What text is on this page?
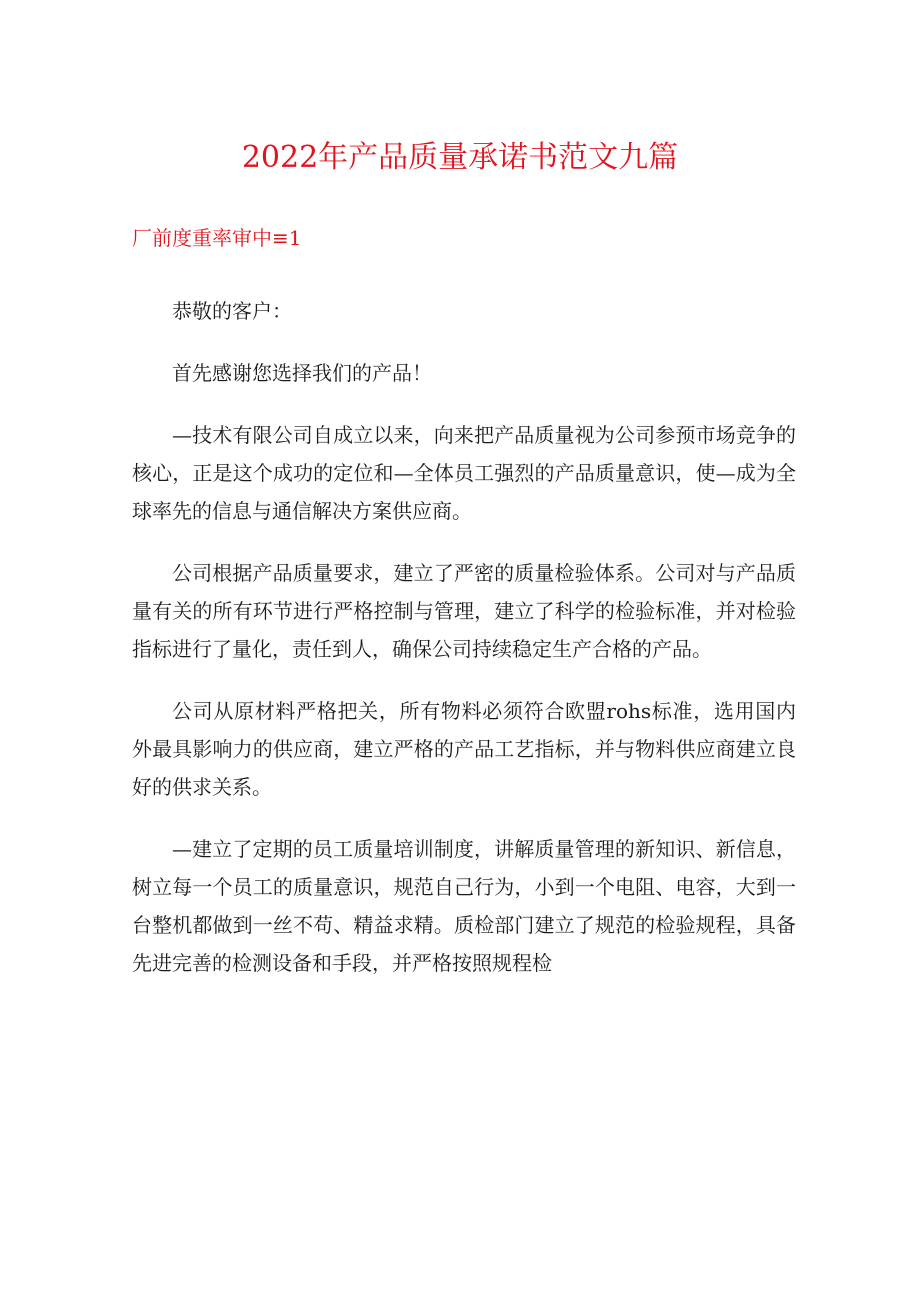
2022年产品质量承诺书范文九篇
厂前度重率审中≡1

恭敬的客户：

首先感谢您选择我们的产品！

—技术有限公司自成立以来，向来把产品质量视为公司参预市场竞争的核心，正是这个成功的定位和—全体员工强烈的产品质量意识，使—成为全球率先的信息与通信解决方案供应商。

公司根据产品质量要求，建立了严密的质量检验体系。公司对与产品质量有关的所有环节进行严格控制与管理，建立了科学的检验标准，并对检验指标进行了量化，责任到人，确保公司持续稳定生产合格的产品。

公司从原材料严格把关，所有物料必须符合欧盟rohs标准，选用国内外最具影响力的供应商，建立严格的产品工艺指标，并与物料供应商建立良好的供求关系。

—建立了定期的员工质量培训制度，讲解质量管理的新知识、新信息，树立每一个员工的质量意识，规范自己行为，小到一个电阻、电容，大到一台整机都做到一丝不苟、精益求精。质检部门建立了规范的检验规程，具备先进完善的检测设备和手段，并严格按照规程检
